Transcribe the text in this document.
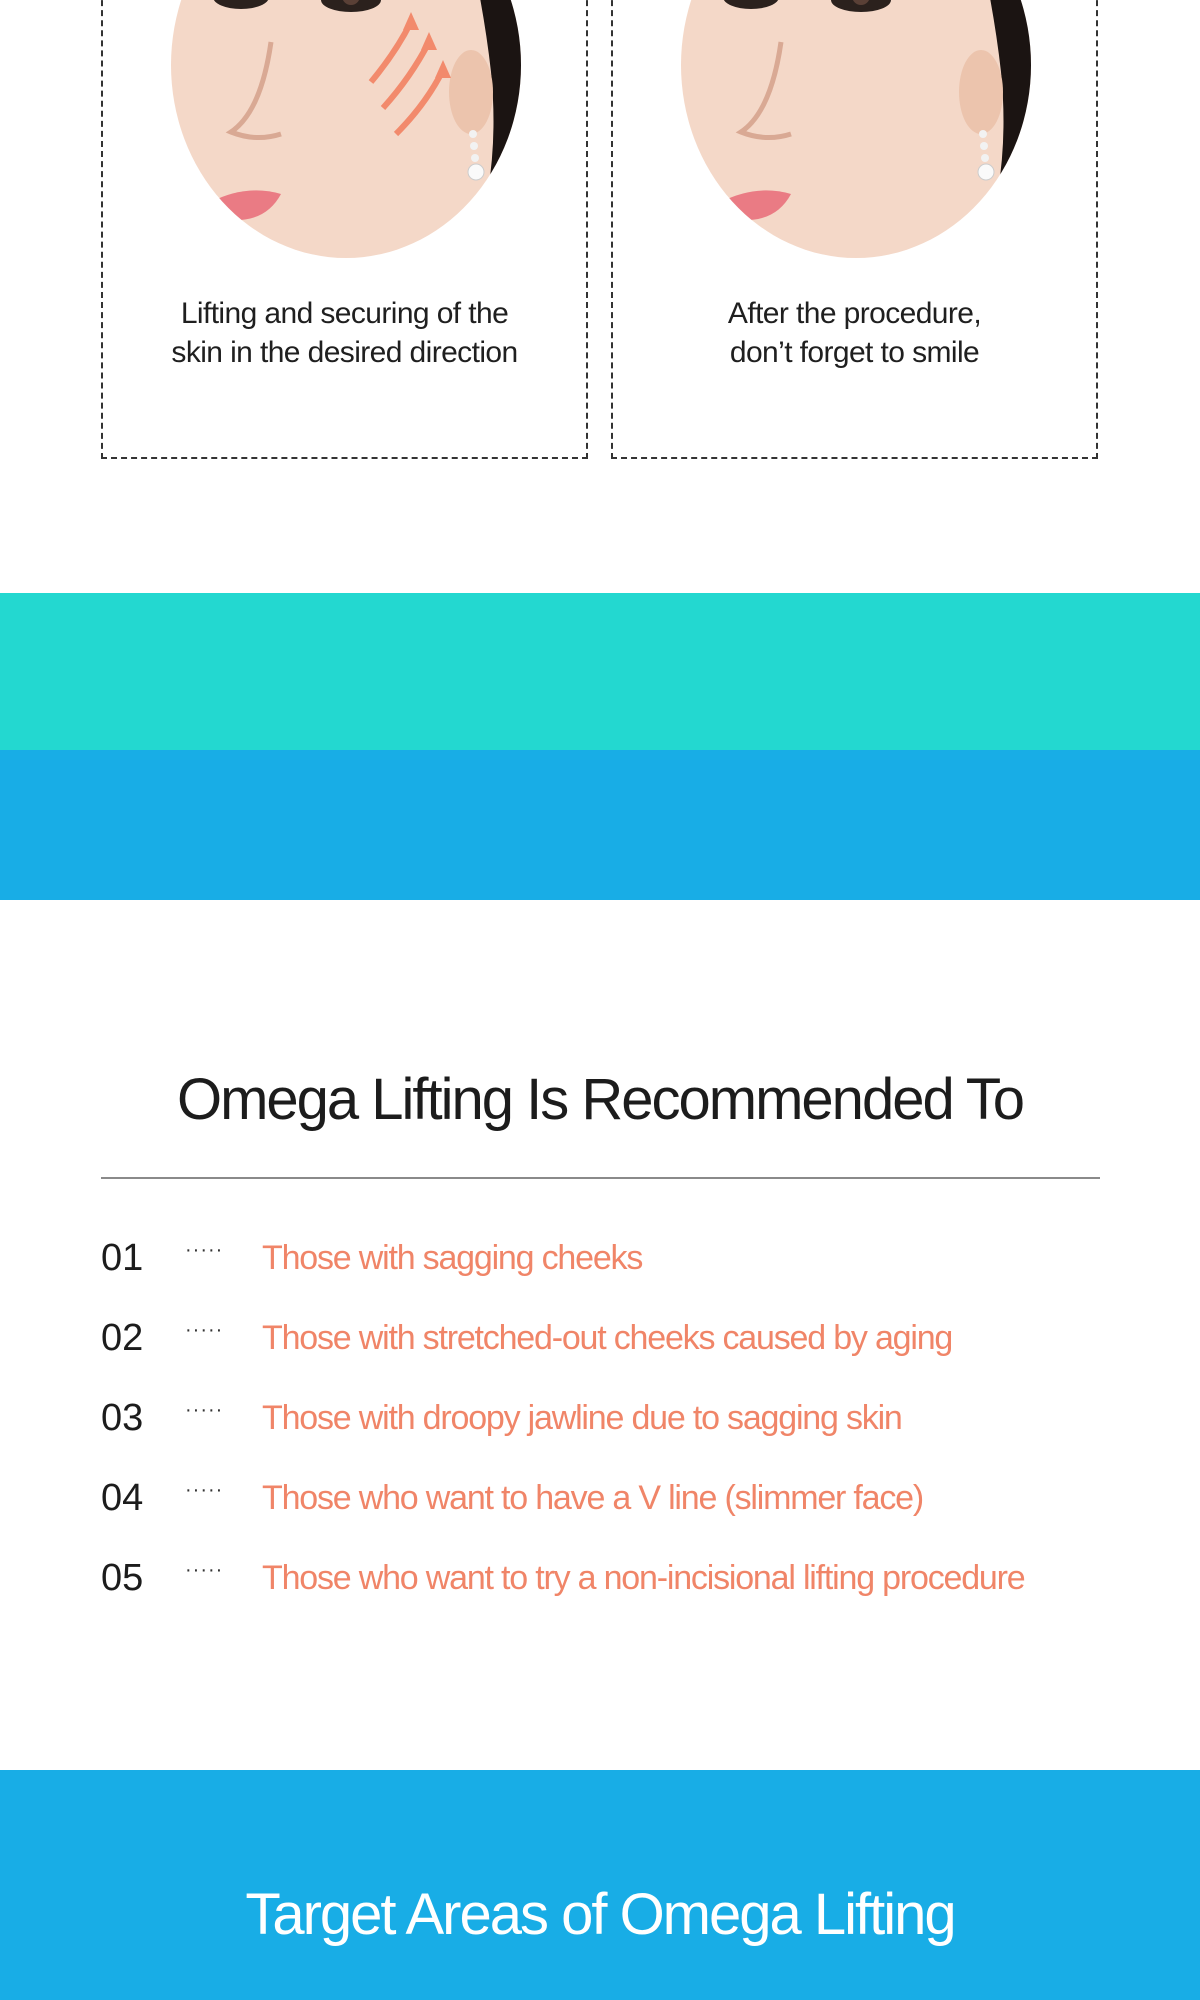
Lifting and securing of the
skin in the desired direction
After the procedure,
don’t forget to smile
Omega Lifting Is Recommended To
01 ····· Those with sagging cheeks
02 ····· Those with stretched-out cheeks caused by aging
03 ····· Those with droopy jawline due to sagging skin
04 ····· Those who want to have a V line (slimmer face)
05 ····· Those who want to try a non-incisional lifting procedure
Target Areas of Omega Lifting
